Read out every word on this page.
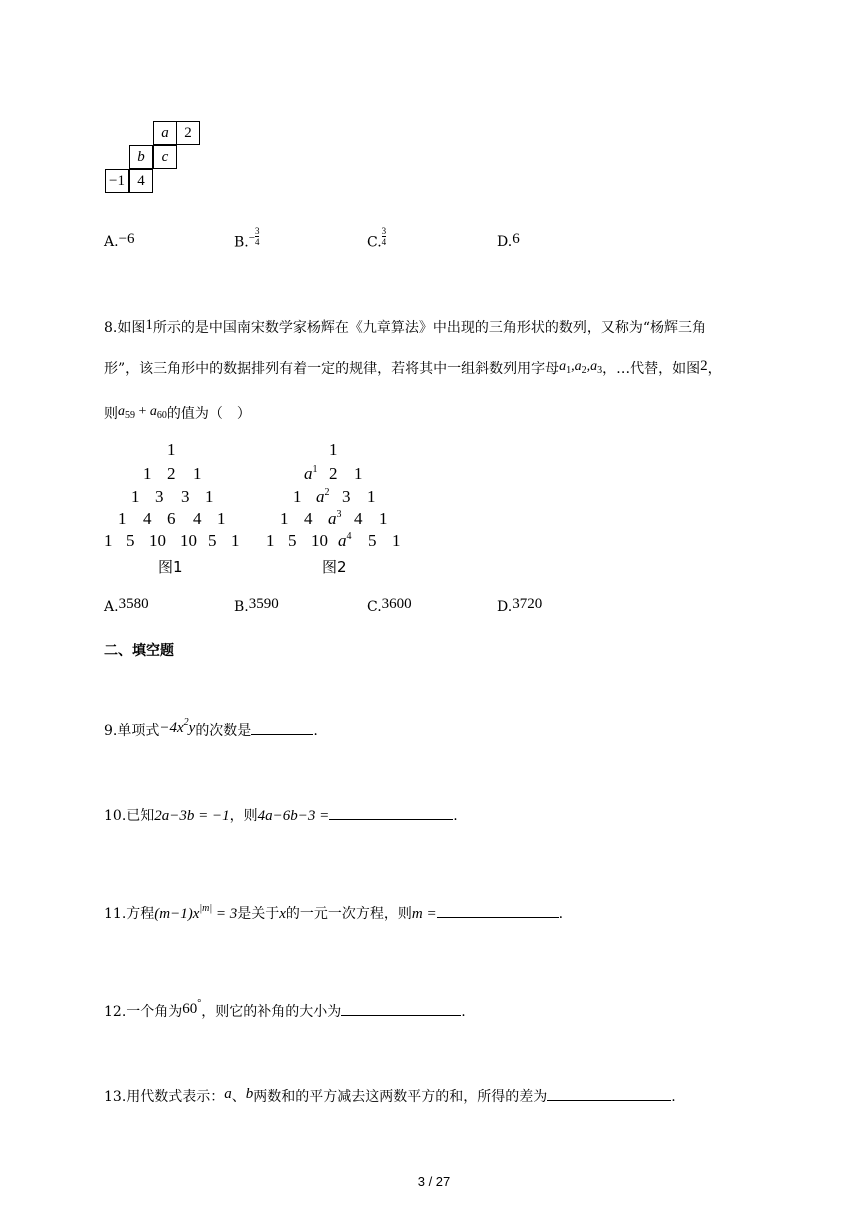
a	2
b	c
−1 4
A.−6	$B.^- \frac{3}{4}$	C. $\frac{3}{4}$	D.6
8.如图1所示的是中国南宋数学家杨辉在《九章算法》中出现的三角形状的数列，又称为“杨辉三角
形”，该三角形中的数据排列有着一定的规律，若将其中一组斜数列用字母$a_1,a_2,a_3$，…代替，如图2，
则$a_{59} + a_{60}$的值为（　）
1
1 2 1
1 3 3 1
1 4 6 4 1
1 5 10 10 5 1
图1
1
a 1 2 1
1 a 2 3 1
1 4 a 3 4 1
1 5 10 a 4 5 1
图2
A.3580	B.3590	C.3600	D.3720
二、填空题
9.单项式$-4x^2y$的次数是	.
10.已知2a−3b = −1，则4a−6b−3 =	.
11.方程$(m-1)x^{|m|} = 3$是关于x的一元一次方程，则m =	.
12.一个角为60°，则它的补角的大小为	.
13.用代数式表示：a、b两数和的平方减去这两数平方的和，所得的差为	.
3 / 27
